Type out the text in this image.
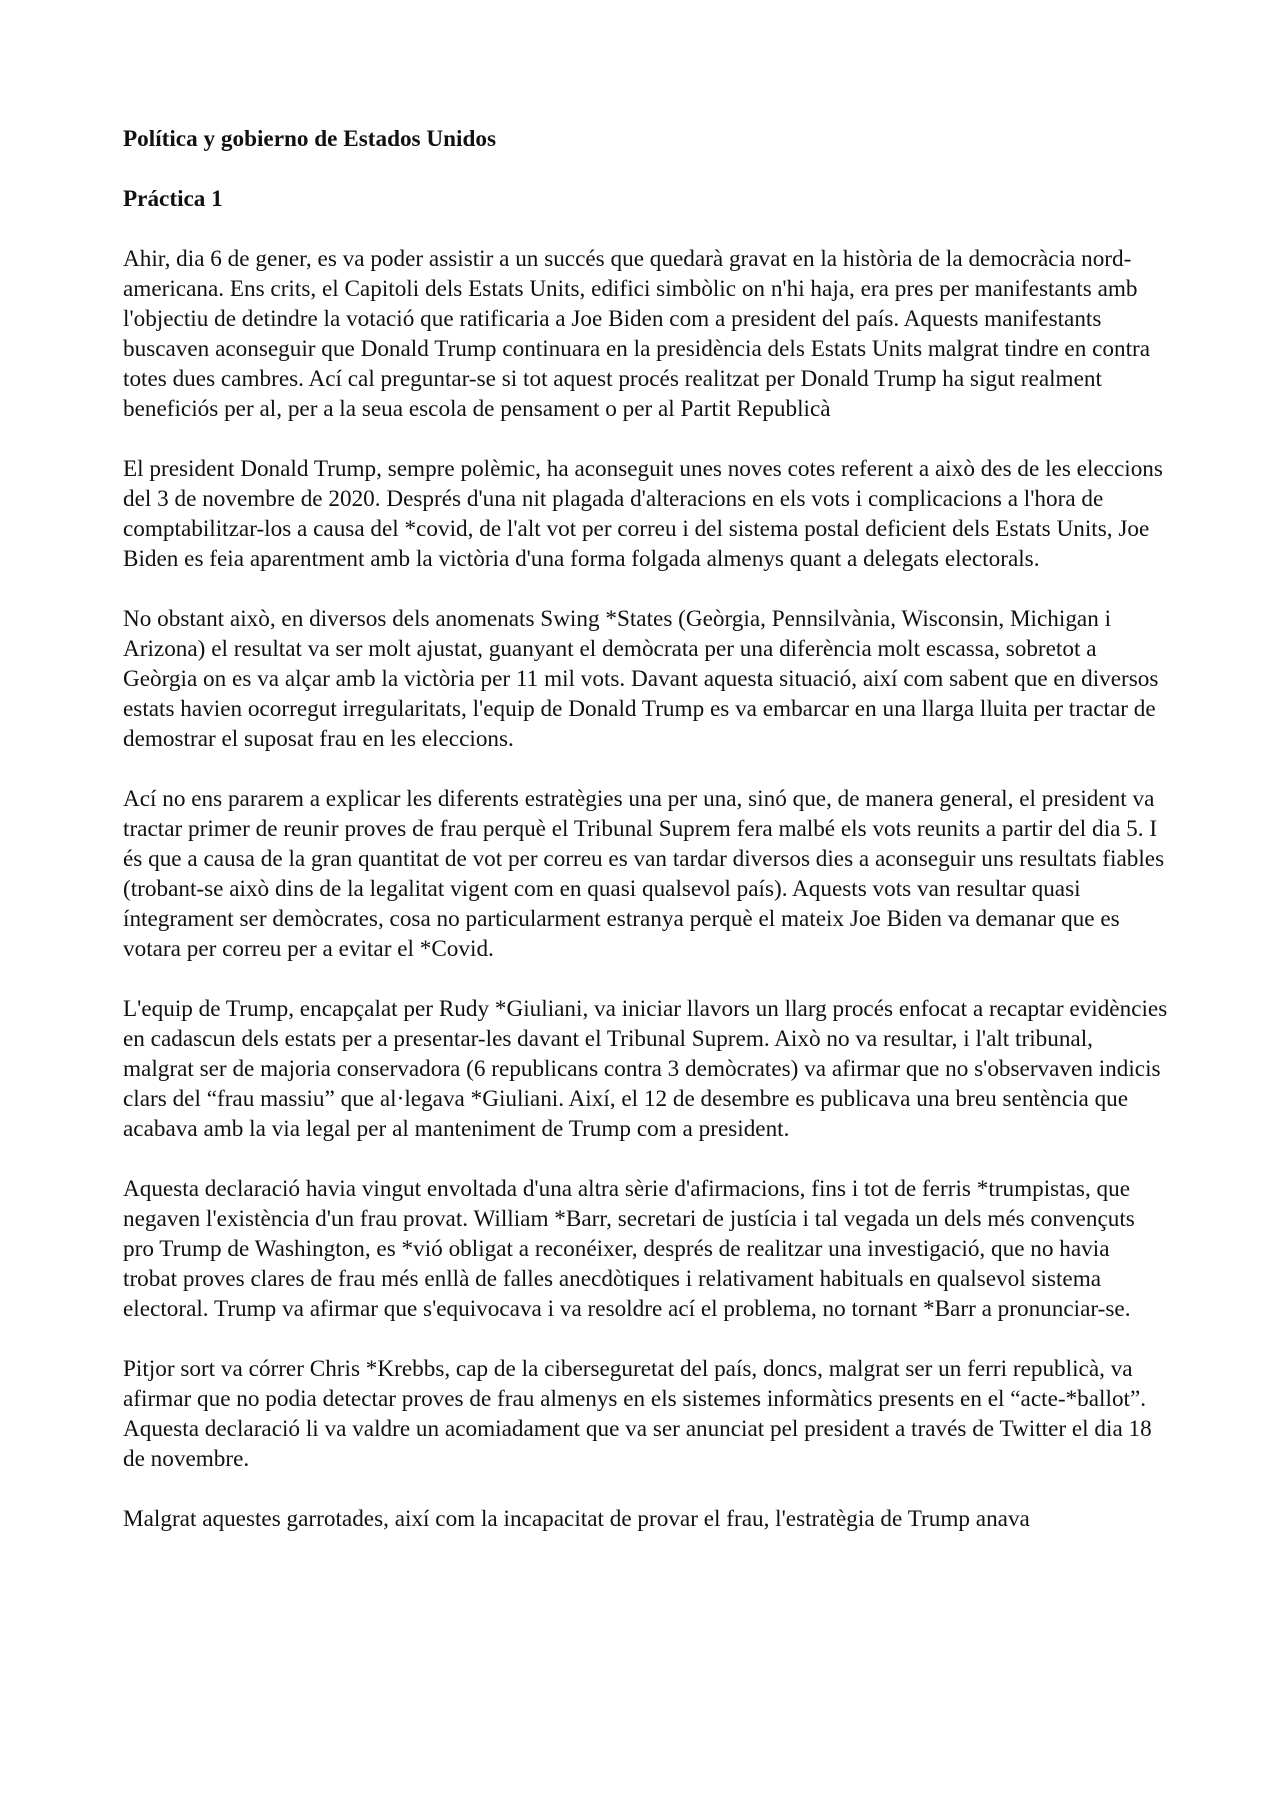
Política y gobierno de Estados Unidos
Práctica 1
Ahir, dia 6 de gener, es va poder assistir a un succés que quedarà gravat en la història de la democràcia nord-americana. Ens crits, el Capitoli dels Estats Units, edifici simbòlic on n'hi haja, era pres per manifestants amb l'objectiu de detindre la votació que ratificaria a Joe Biden com a president del país. Aquests manifestants buscaven aconseguir que Donald Trump continuara en la presidència dels Estats Units malgrat tindre en contra totes dues cambres. Ací cal preguntar-se si tot aquest procés realitzat per Donald Trump ha sigut realment beneficiós per al, per a la seua escola de pensament o per al Partit Republicà
El president Donald Trump, sempre polèmic, ha aconseguit unes noves cotes referent a això des de les eleccions del 3 de novembre de 2020. Després d'una nit plagada d'alteracions en els vots i complicacions a l'hora de comptabilitzar-los a causa del *covid, de l'alt vot per correu i del sistema postal deficient dels Estats Units, Joe Biden es feia aparentment amb la victòria d'una forma folgada almenys quant a delegats electorals.
No obstant això, en diversos dels anomenats Swing *States (Geòrgia, Pennsilvània, Wisconsin, Michigan i Arizona) el resultat va ser molt ajustat, guanyant el demòcrata per una diferència molt escassa, sobretot a Geòrgia on es va alçar amb la victòria per 11 mil vots. Davant aquesta situació, així com sabent que en diversos estats havien ocorregut irregularitats, l'equip de Donald Trump es va embarcar en una llarga lluita per tractar de demostrar el suposat frau en les eleccions.
Ací no ens pararem a explicar les diferents estratègies una per una, sinó que, de manera general, el president va tractar primer de reunir proves de frau perquè el Tribunal Suprem fera malbé els vots reunits a partir del dia 5. I és que a causa de la gran quantitat de vot per correu es van tardar diversos dies a aconseguir uns resultats fiables (trobant-se això dins de la legalitat vigent com en quasi qualsevol país). Aquests vots van resultar quasi íntegrament ser demòcrates, cosa no particularment estranya perquè el mateix Joe Biden va demanar que es votara per correu per a evitar el *Covid.
L'equip de Trump, encapçalat per Rudy *Giuliani, va iniciar llavors un llarg procés enfocat a recaptar evidències en cadascun dels estats per a presentar-les davant el Tribunal Suprem. Això no va resultar, i l'alt tribunal, malgrat ser de majoria conservadora (6 republicans contra 3 demòcrates) va afirmar que no s'observaven indicis clars del “frau massiu” que al·legava *Giuliani. Així, el 12 de desembre es publicava una breu sentència que acabava amb la via legal per al manteniment de Trump com a president.
Aquesta declaració havia vingut envoltada d'una altra sèrie d'afirmacions, fins i tot de ferris *trumpistas, que negaven l'existència d'un frau provat. William *Barr, secretari de justícia i tal vegada un dels més convençuts pro Trump de Washington, es *vió obligat a reconéixer, després de realitzar una investigació, que no havia trobat proves clares de frau més enllà de falles anecdòtiques i relativament habituals en qualsevol sistema electoral. Trump va afirmar que s'equivocava i va resoldre ací el problema, no tornant *Barr a pronunciar-se.
Pitjor sort va córrer Chris *Krebbs, cap de la ciberseguretat del país, doncs, malgrat ser un ferri republicà, va afirmar que no podia detectar proves de frau almenys en els sistemes informàtics presents en el “acte-*ballot”. Aquesta declaració li va valdre un acomiadament que va ser anunciat pel president a través de Twitter el dia 18 de novembre.
Malgrat aquestes garrotades, així com la incapacitat de provar el frau, l'estratègia de Trump anava
